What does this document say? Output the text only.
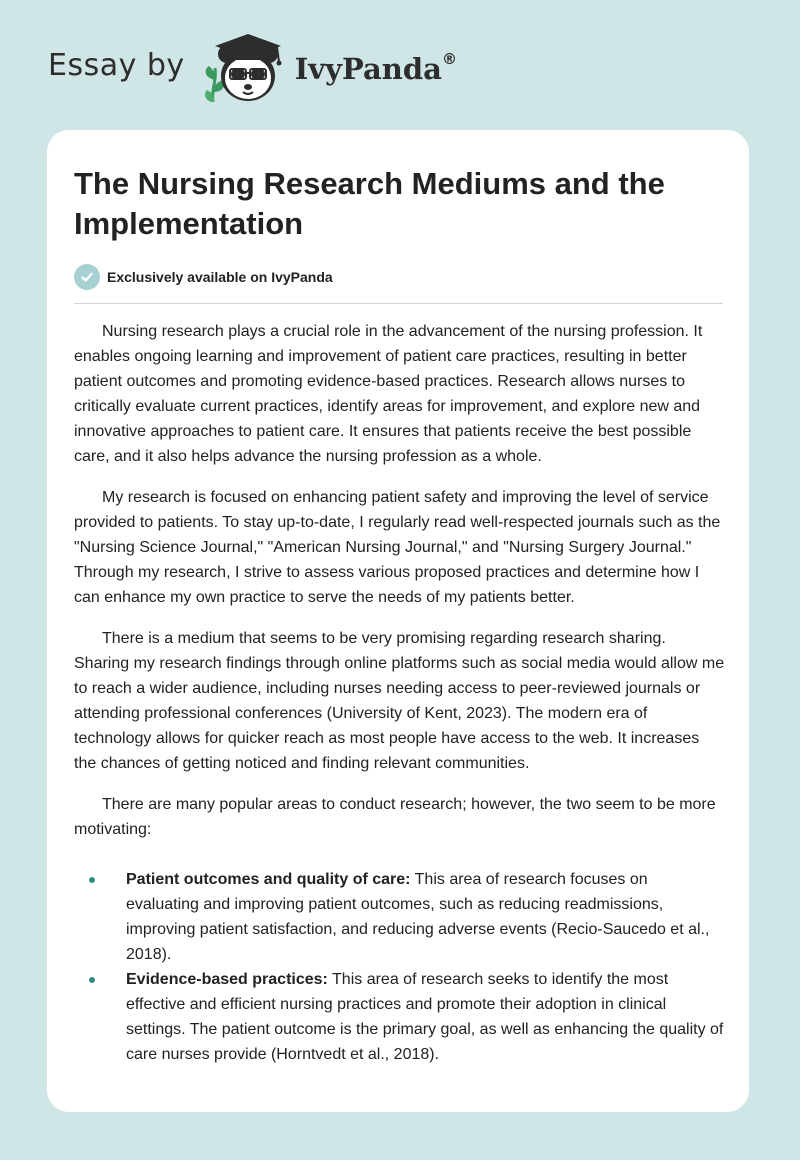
Essay by	IvyPanda®
The Nursing Research Mediums and the Implementation
Exclusively available on IvyPanda

Nursing research plays a crucial role in the advancement of the nursing profession. It enables ongoing learning and improvement of patient care practices, resulting in better patient outcomes and promoting evidence-based practices. Research allows nurses to critically evaluate current practices, identify areas for improvement, and explore new and innovative approaches to patient care. It ensures that patients receive the best possible care, and it also helps advance the nursing profession as a whole.

My research is focused on enhancing patient safety and improving the level of service provided to patients. To stay up-to-date, I regularly read well-respected journals such as the "Nursing Science Journal," "American Nursing Journal," and "Nursing Surgery Journal." Through my research, I strive to assess various proposed practices and determine how I can enhance my own practice to serve the needs of my patients better.

There is a medium that seems to be very promising regarding research sharing. Sharing my research findings through online platforms such as social media would allow me to reach a wider audience, including nurses needing access to peer-reviewed journals or attending professional conferences (University of Kent, 2023). The modern era of technology allows for quicker reach as most people have access to the web. It increases the chances of getting noticed and finding relevant communities.

There are many popular areas to conduct research; however, the two seem to be more motivating:

Patient outcomes and quality of care: This area of research focuses on evaluating and improving patient outcomes, such as reducing readmissions, improving patient satisfaction, and reducing adverse events (Recio-Saucedo et al., 2018).
Evidence-based practices: This area of research seeks to identify the most effective and efficient nursing practices and promote their adoption in clinical settings. The patient outcome is the primary goal, as well as enhancing the quality of care nurses provide (Horntvedt et al., 2018).
